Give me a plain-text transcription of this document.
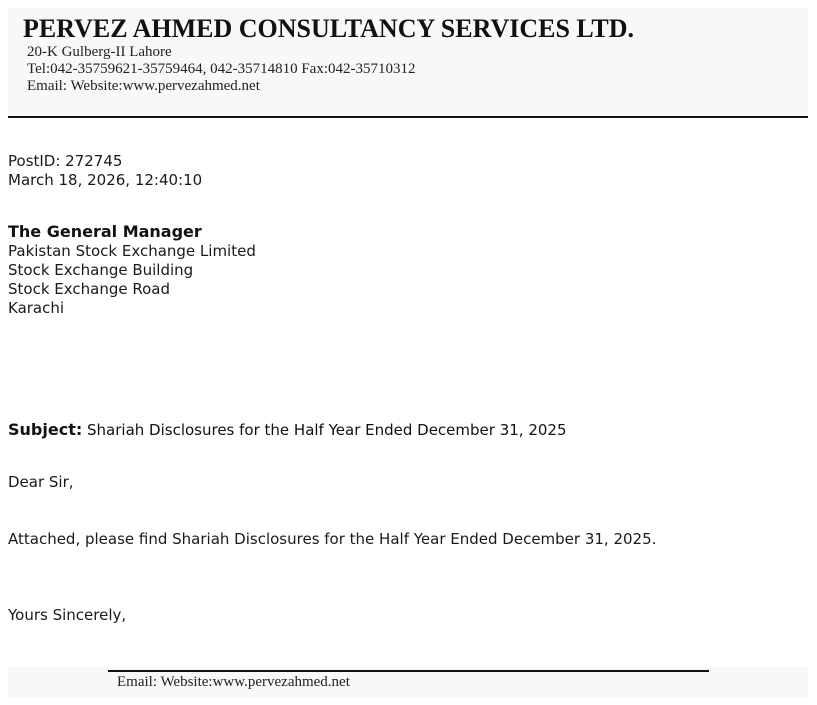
PERVEZ AHMED CONSULTANCY SERVICES LTD.
20-K Gulberg-II Lahore
Tel:042-35759621-35759464, 042-35714810 Fax:042-35710312
Email: Website:www.pervezahmed.net
PostID: 272745
March 18, 2026, 12:40:10
The General Manager
Pakistan Stock Exchange Limited
Stock Exchange Building
Stock Exchange Road
Karachi
Subject: Shariah Disclosures for the Half Year Ended December 31, 2025
Dear Sir,
Attached, please find Shariah Disclosures for the Half Year Ended December 31, 2025.
Yours Sincerely,
Email: Website:www.pervezahmed.net
